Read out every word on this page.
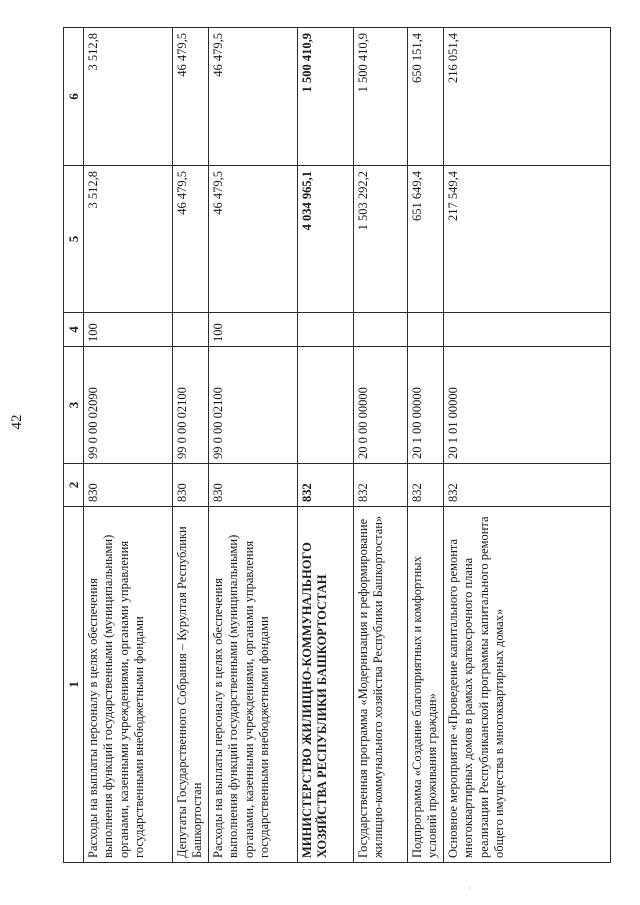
42
1	2	3	4	5	6
Расходы на выплаты персоналу в целях обеспечения выполнения функций государственными (муниципальными) органами, казенными учреждениями, органами управления государственными внебюджетными фондами	830	99 0 00 02090	100	3 512,8	3 512,8
Депутаты Государственного Собрания – Курултая Республики Башкортостан	830	99 0 00 02100		46 479,5	46 479,5
Расходы на выплаты персоналу в целях обеспечения выполнения функций государственными (муниципальными) органами, казенными учреждениями, органами управления государственными внебюджетными фондами	830	99 0 00 02100	100	46 479,5	46 479,5
МИНИСТЕРСТВО ЖИЛИЩНО-КОММУНАЛЬНОГО ХОЗЯЙСТВА РЕСПУБЛИКИ БАШКОРТОСТАН	832			4 034 965,1	1 500 410,9
Государственная программа «Модернизация и реформирование жилищно-коммунального хозяйства Республики Башкортостан»	832	20 0 00 00000		1 503 292,2	1 500 410,9
Подпрограмма «Создание благоприятных и комфортных условий проживания граждан»	832	20 1 00 00000		651 649,4	650 151,4
Основное мероприятие «Проведение капитального ремонта многоквартирных домов в рамках краткосрочного плана реализации Республиканской программы капитального ремонта общего имущества в многоквартирных домах»	832	20 1 01 00000		217 549,4	216 051,4
·
